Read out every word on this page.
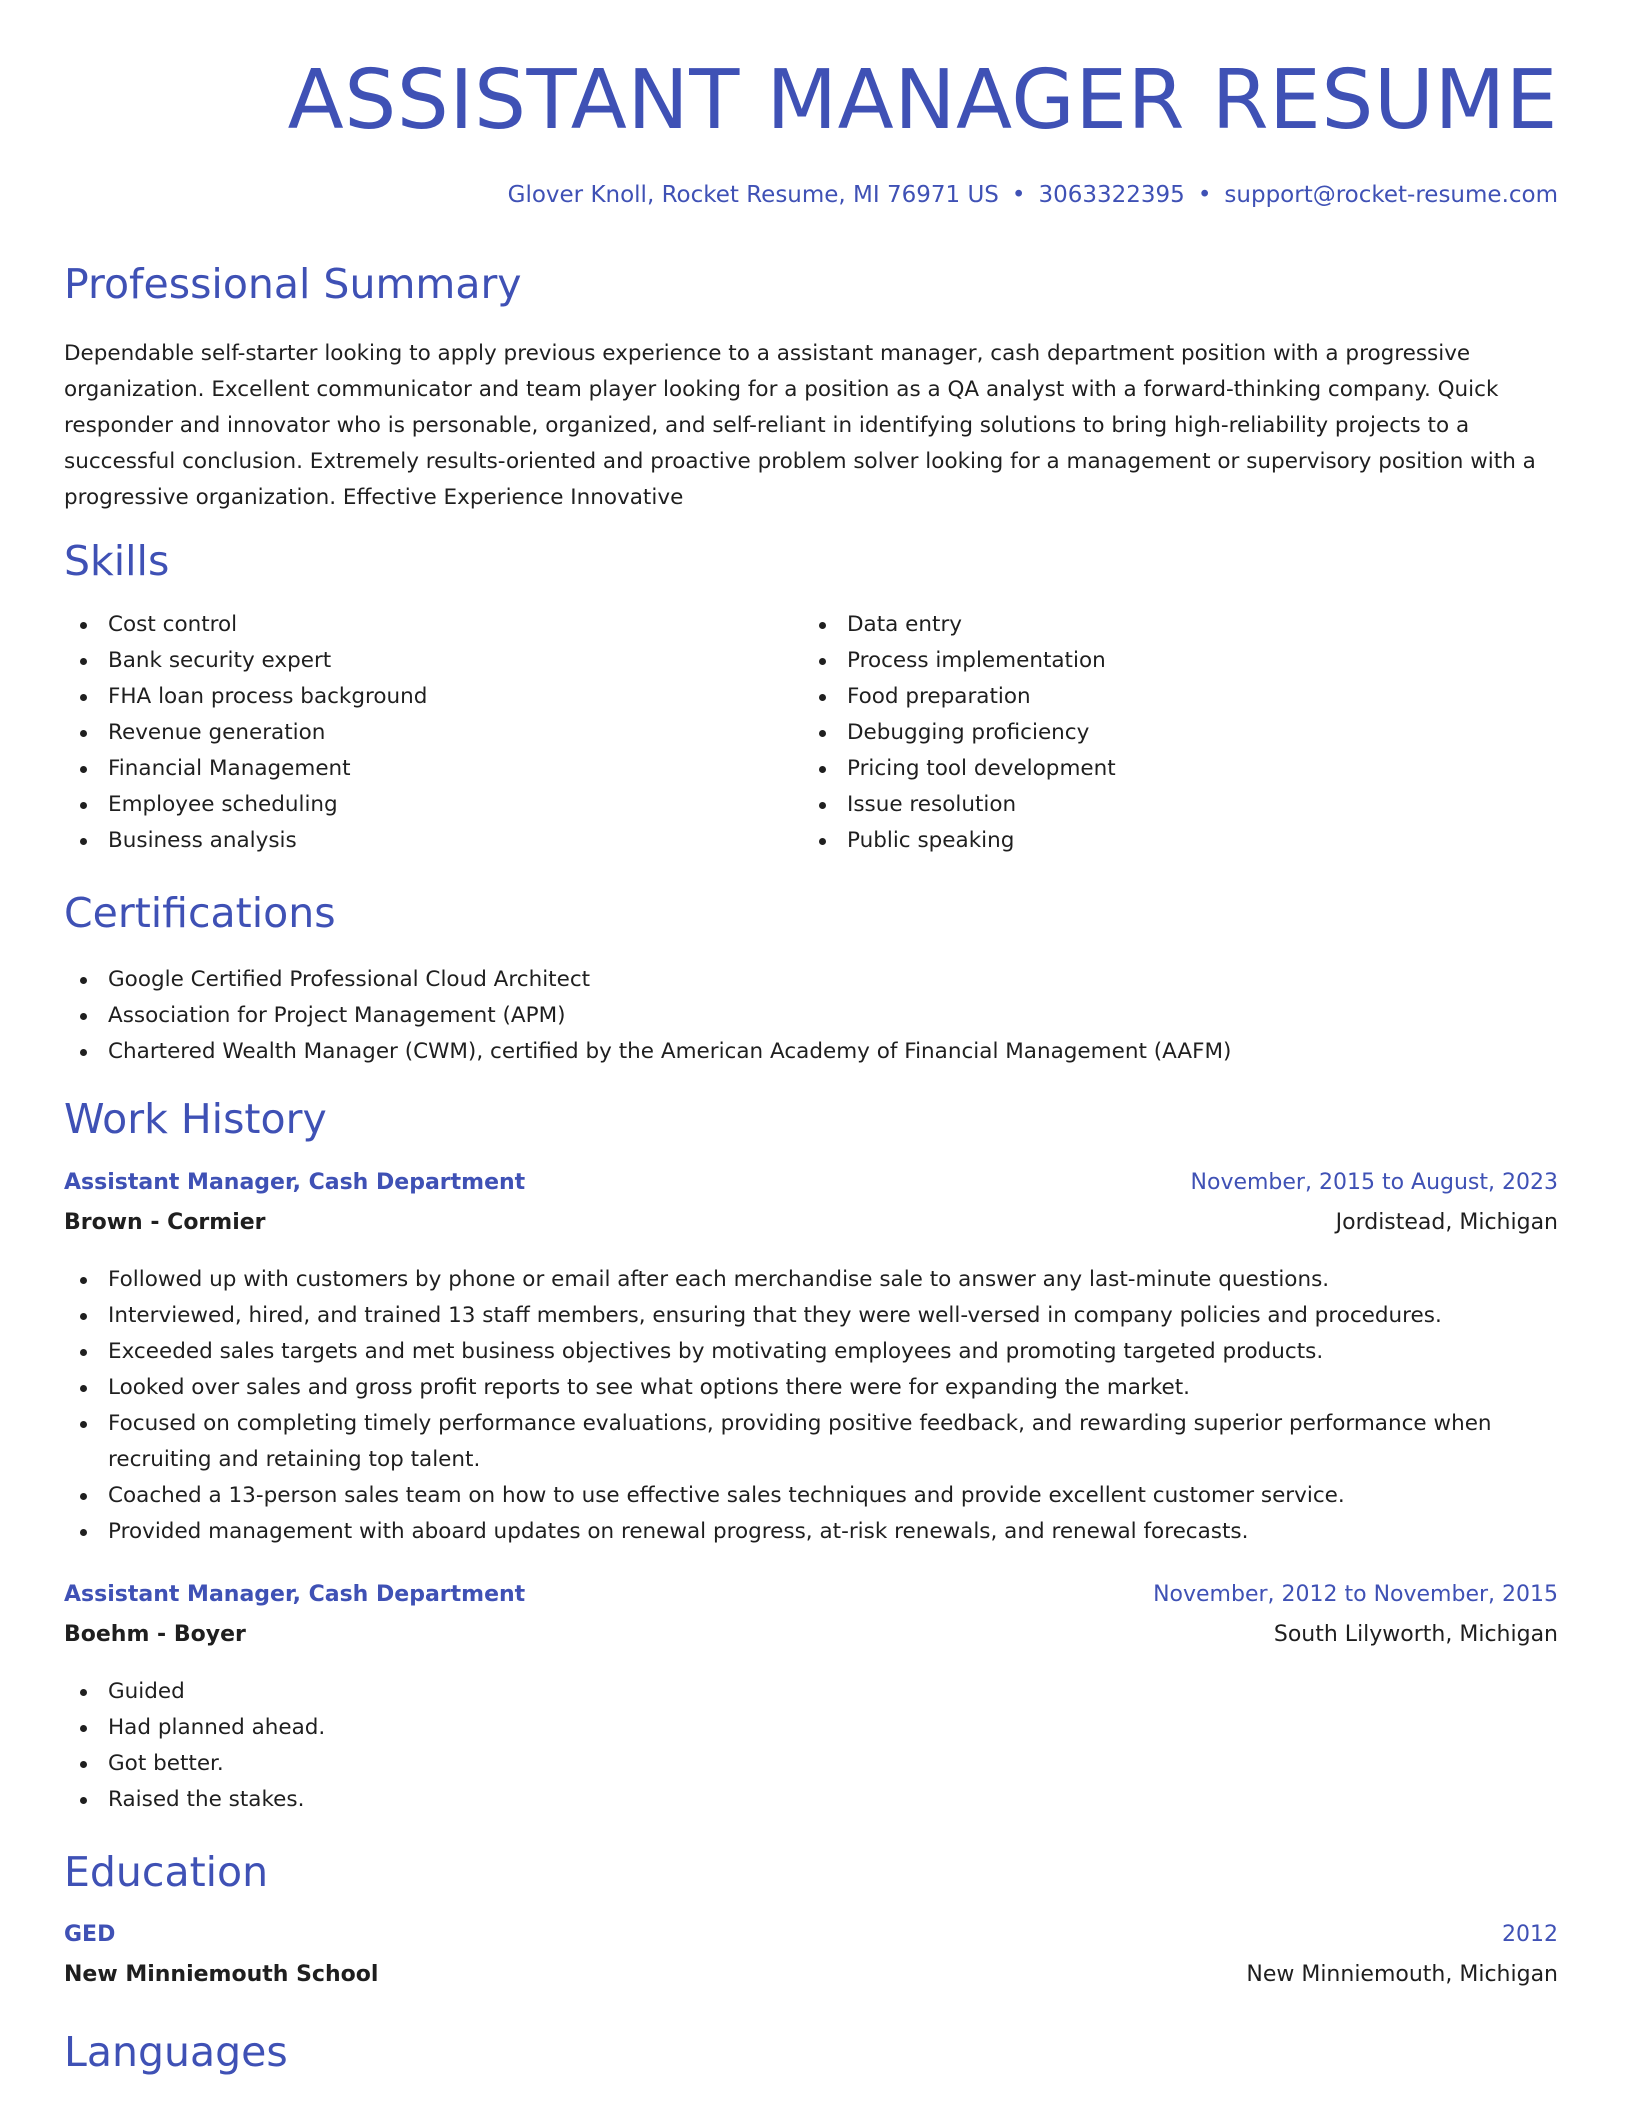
ASSISTANT MANAGER RESUME
Glover Knoll, Rocket Resume, MI 76971 US • 3063322395 • support@rocket-resume.com
Professional Summary

Dependable self-starter looking to apply previous experience to a assistant manager, cash department position with a progressive organization. Excellent communicator and team player looking for a position as a QA analyst with a forward-thinking company. Quick responder and innovator who is personable, organized, and self-reliant in identifying solutions to bring high-reliability projects to a successful conclusion. Extremely results-oriented and proactive problem solver looking for a management or supervisory position with a progressive organization. Effective Experience Innovative

Skills
Cost control
Bank security expert
FHA loan process background
Revenue generation
Financial Management
Employee scheduling
Business analysis
Data entry
Process implementation
Food preparation
Debugging proficiency
Pricing tool development
Issue resolution
Public speaking
Certifications
Google Certified Professional Cloud Architect
Association for Project Management (APM)
Chartered Wealth Manager (CWM), certified by the American Academy of Financial Management (AAFM)
Work History
Assistant Manager, Cash Department	November, 2015 to August, 2023
Brown - Cormier	Jordistead, Michigan
Followed up with customers by phone or email after each merchandise sale to answer any last-minute questions.
Interviewed, hired, and trained 13 staff members, ensuring that they were well-versed in company policies and procedures.
Exceeded sales targets and met business objectives by motivating employees and promoting targeted products.
Looked over sales and gross profit reports to see what options there were for expanding the market.
Focused on completing timely performance evaluations, providing positive feedback, and rewarding superior performance when recruiting and retaining top talent.
Coached a 13-person sales team on how to use effective sales techniques and provide excellent customer service.
Provided management with aboard updates on renewal progress, at-risk renewals, and renewal forecasts.
Assistant Manager, Cash Department	November, 2012 to November, 2015
Boehm - Boyer	South Lilyworth, Michigan
Guided
Had planned ahead.
Got better.
Raised the stakes.
Education
GED	2012
New Minniemouth School	New Minniemouth, Michigan
Languages
